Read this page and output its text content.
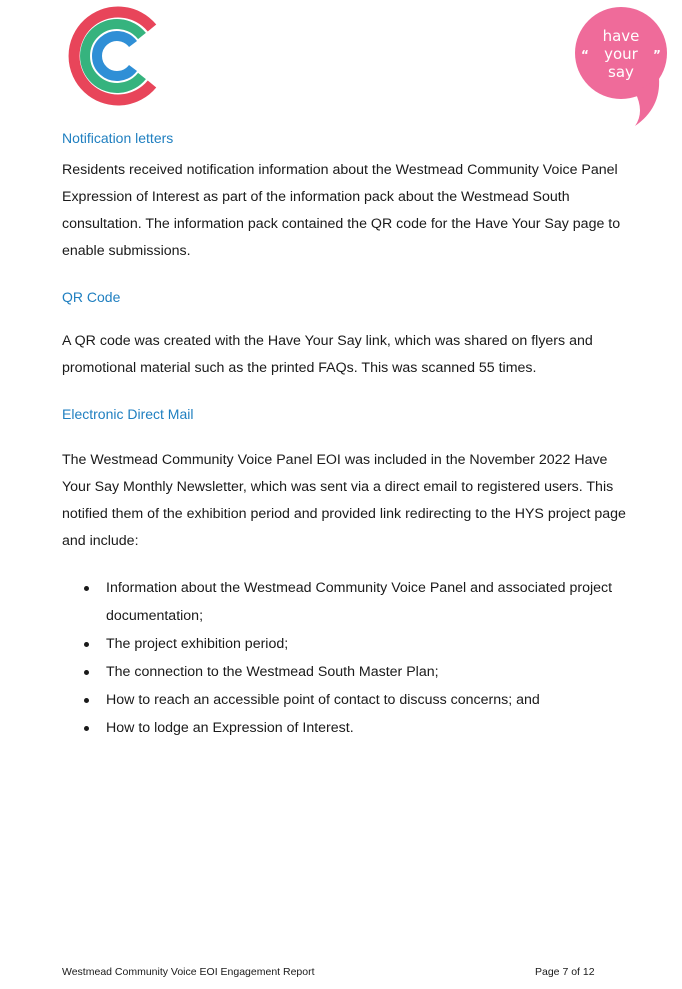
“	”
have
your
say
Notification letters

Residents received notification information about the Westmead Community Voice Panel Expression of Interest as part of the information pack about the Westmead South consultation. The information pack contained the QR code for the Have Your Say page to enable submissions.

QR Code

A QR code was created with the Have Your Say link, which was shared on flyers and promotional material such as the printed FAQs. This was scanned 55 times.

Electronic Direct Mail

The Westmead Community Voice Panel EOI was included in the November 2022 Have Your Say Monthly Newsletter, which was sent via a direct email to registered users. This notified them of the exhibition period and provided link redirecting to the HYS project page and include:

Information about the Westmead Community Voice Panel and associated project documentation;
The project exhibition period;
The connection to the Westmead South Master Plan;
How to reach an accessible point of contact to discuss concerns; and
How to lodge an Expression of Interest.
Westmead Community Voice EOI Engagement Report	Page 7 of 12
